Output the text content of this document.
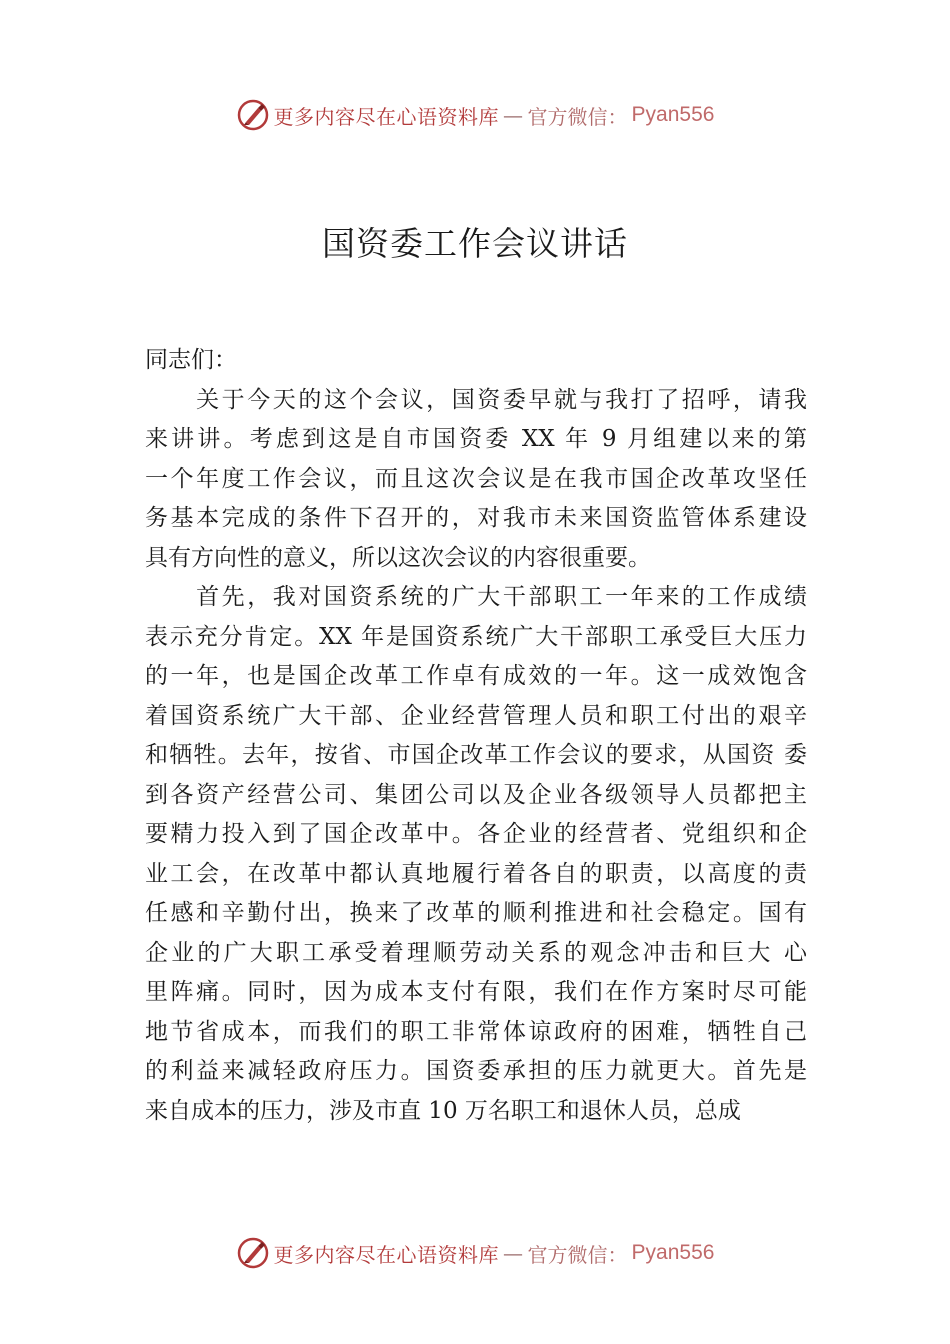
更多内容尽在心语资料库 — 官方微信： Pyan556
国资委工作会议讲话
同志们：
　　关于今天的这个会议，国资委早就与我打了招呼，请我
来讲讲。考虑到这是自市国资委 XX 年 9 月组建以来的第
一个年度工作会议，而且这次会议是在我市国企改革攻坚任
务基本完成的条件下召开的，对我市未来国资监管体系建设
具有方向性的意义，所以这次会议的内容很重要。
　　首先，我对国资系统的广大干部职工一年来的工作成绩
表示充分肯定。XX 年是国资系统广大干部职工承受巨大压力
的一年，也是国企改革工作卓有成效的一年。这一成效饱含
着国资系统广大干部、企业经营管理人员和职工付出的艰辛
和牺牲。去年，按省、市国企改革工作会议的要求，从国资 委
到各资产经营公司、集团公司以及企业各级领导人员都把主
要精力投入到了国企改革中。各企业的经营者、党组织和企
业工会，在改革中都认真地履行着各自的职责，以高度的责
任感和辛勤付出，换来了改革的顺利推进和社会稳定。国有
企业的广大职工承受着理顺劳动关系的观念冲击和巨大 心
里阵痛。同时，因为成本支付有限，我们在作方案时尽可能
地节省成本，而我们的职工非常体谅政府的困难，牺牲自己
的利益来减轻政府压力。国资委承担的压力就更大。首先是
来自成本的压力，涉及市直 10 万名职工和退休人员，总成
更多内容尽在心语资料库 — 官方微信： Pyan556
